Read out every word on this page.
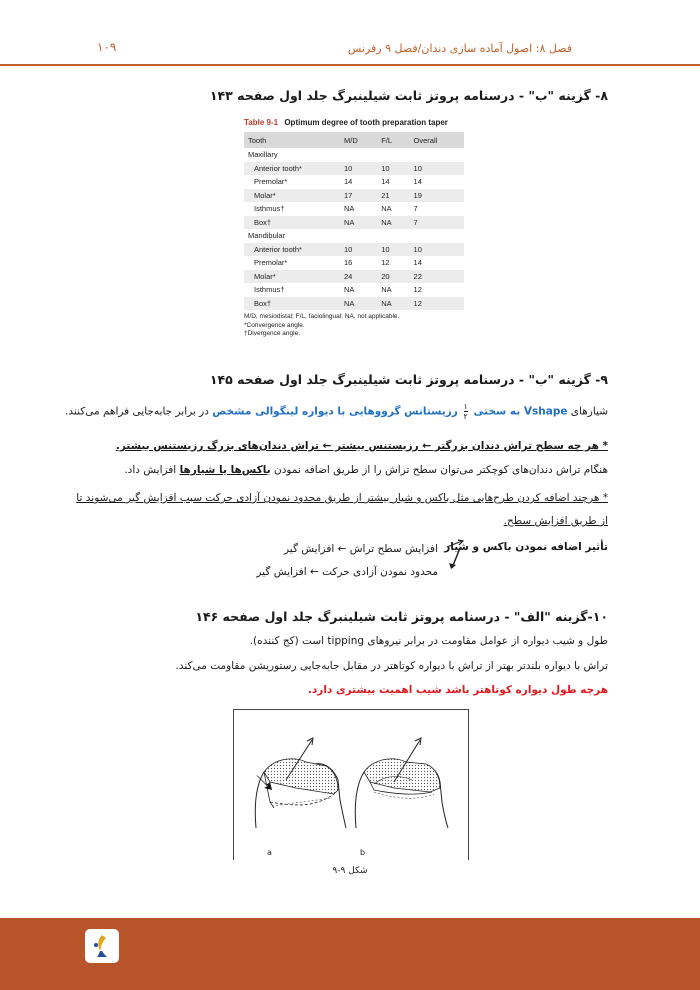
فصل ۸: اصول آماده سازی دندان/فصل ۹ رفرنس
۱۰۹
۸- گزینه "ب" - درسنامه پروتز ثابت شیلینبرگ جلد اول صفحه ۱۴۳
Table 9-1 Optimum degree of tooth preparation taper
Tooth	M/D	F/L	Overall
Maxillary			
Anterior tooth*	10	10	10
Premolar*	14	14	14
Molar*	17	21	19
Isthmus†	NA	NA	7
Box†	NA	NA	7
Mandibular			
Anterior tooth*	10	10	10
Premolar*	16	12	14
Molar*	24	20	22
Isthmus†	NA	NA	12
Box†	NA	NA	12
M/D, mesiodistal; F/L, faciolingual; NA, not applicable.
*Convergence angle.
†Divergence angle.
۹- گزینه "ب" - درسنامه پروتز ثابت شیلینبرگ جلد اول صفحه ۱۴۵
شیارهای Vshape به سختی
۱
۲
رزیستانس گرووهایی با دیواره لینگوالی مشخص در برابر جابه‌جایی فراهم می‌کنند.
* هر چه سطح تراش دندان بزرگتر ← رزیستنس بیشتر ← تراش دندان‌های بزرگ رزیستنس بیشتر.
هنگام تراش دندان‌های کوچکتر می‌توان سطح تراش را از طریق اضافه نمودن باکس‌ها یا شیارها افزایش داد.
* هرچند اضافه کردن طرح‌هایی مثل باکس و شیار بیشتر از طریق محدود نمودن آزادی حرکت سبب افزایش گیر می‌شوند تا
از طریق افزایش سطح.
تأثیر اضافه نمودن باکس و شیار
افزایش سطح تراش ← افزایش گیر
محدود نمودن آزادی حرکت ← افزایش گیر
۱۰-گزینه "الف" - درسنامه پروتز ثابت شیلینبرگ جلد اول صفحه ۱۴۶
طول و شیب دیواره از عوامل مقاومت در برابر نیروهای tipping است (کج کننده).
تراش با دیواره بلندتر بهتر از تراش با دیواره کوتاهتر در مقابل جابه‌جایی رستوریشن مقاومت می‌کند.
هرچه طول دیواره کوتاهتر باشد شیب اهمیت بیشتری دارد.
a	b
شکل ۹-۹
